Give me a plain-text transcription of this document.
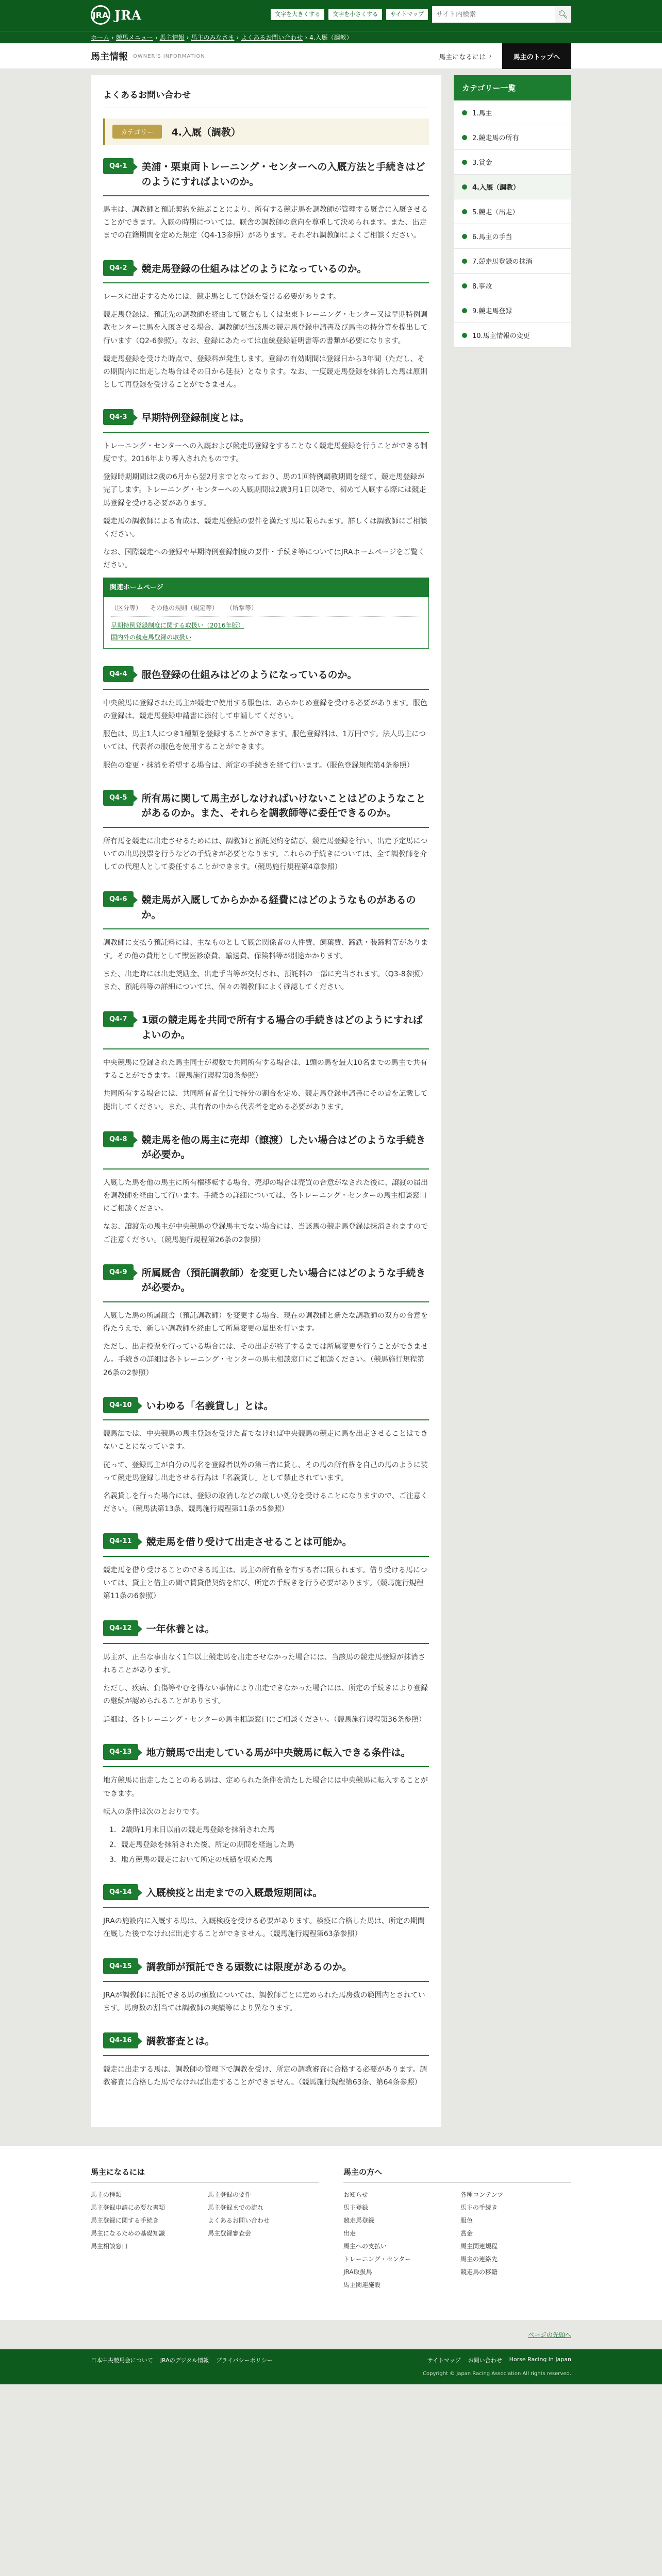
JRA JRA	文字を大きくする	文字を小さくする	サイトマップ
サイト内検索	🔍︎
ホーム › 競馬メニュー › 馬主情報 › 馬主のみなさま › よくあるお問い合わせ › 4.入厩（調教）
馬主情報 OWNER'S INFORMATION	馬主になるには ›	馬主のトップへ
よくあるお問い合わせ
カテゴリー	4.入厩（調教）
Q4-1	美浦・栗東両トレーニング・センターへの入厩方法と手続きはどのようにすればよいのか。

馬主は、調教師と預託契約を結ぶことにより、所有する競走馬を調教師が管理する厩舎に入厩させることができます。入厩の時期については、厩舎の調教師の意向を尊重して決められます。また、出走までの在籍期間を定めた規定（Q4-13参照）があります。それぞれ調教師によくご相談ください。

Q4-2	競走馬登録の仕組みはどのようになっているのか。

レースに出走するためには、競走馬として登録を受ける必要があります。

競走馬登録は、預託先の調教師を経由して厩舎もしくは栗東トレーニング・センター又は早期特例調教センターに馬を入厩させる場合、調教師が当該馬の競走馬登録申請書及び馬主の持分等を提出して行います（Q2-6参照）。なお、登録にあたっては血統登録証明書等の書類が必要になります。

競走馬登録を受けた時点で、登録料が発生します。登録の有効期間は登録日から3年間（ただし、その期間内に出走した場合はその日から延長）となります。なお、一度競走馬登録を抹消した馬は原則として再登録を受けることができません。

Q4-3	早期特例登録制度とは。

トレーニング・センターへの入厩および競走馬登録をすることなく競走馬登録を行うことができる制度です。2016年より導入されたものです。

登録時期期間は2歳の6月から翌2月までとなっており、馬の1回特例調教期間を経て、競走馬登録が完了します。トレーニング・センターへの入厩期間は2歳3月1日以降で、初めて入厩する際には競走馬登録を受ける必要があります。

競走馬の調教師による育成は、競走馬登録の要件を満たす馬に限られます。詳しくは調教師にご相談ください。

なお、国際競走への登録や早期特例登録制度の要件・手続き等についてはJRAホームページをご覧ください。

関連ホームページ
（区分等） その他の規則（規定等） （所掌等）
早期特例登録制度に関する取扱い（2016年版）
国内外の競走馬登録の取扱い
Q4-4	服色登録の仕組みはどのようになっているのか。

中央競馬に登録された馬主が競走で使用する服色は、あらかじめ登録を受ける必要があります。服色の登録は、競走馬登録申請書に添付して申請してください。

服色は、馬主1人につき1種類を登録することができます。服色登録料は、1万円です。法人馬主については、代表者の服色を使用することができます。

服色の変更・抹消を希望する場合は、所定の手続きを経て行います。（服色登録規程第4条参照）

Q4-5	所有馬に関して馬主がしなければいけないことはどのようなことがあるのか。また、それらを調教師等に委任できるのか。

所有馬を競走に出走させるためには、調教師と預託契約を結び、競走馬登録を行い、出走予定馬についての出馬投票を行うなどの手続きが必要となります。これらの手続きについては、全て調教師を介しての代理人として委任することができます。（競馬施行規程第4章参照）

Q4-6	競走馬が入厩してからかかる経費にはどのようなものがあるのか。

調教師に支払う預託料には、主なものとして厩舎関係者の人件費、飼葉費、蹄鉄・装蹄料等があります。その他の費用として獣医診療費、輸送費、保険料等が別途かかります。

また、出走時には出走奨励金、出走手当等が交付され、預託料の一部に充当されます。（Q3-8参照）また、預託料等の詳細については、個々の調教師によく確認してください。

Q4-7	1頭の競走馬を共同で所有する場合の手続きはどのようにすればよいのか。

中央競馬に登録された馬主同士が複数で共同所有する場合は、1頭の馬を最大10名までの馬主で共有することができます。（競馬施行規程第8条参照）

共同所有する場合には、共同所有者全員で持分の割合を定め、競走馬登録申請書にその旨を記載して提出してください。また、共有者の中から代表者を定める必要があります。

Q4-8	競走馬を他の馬主に売却（譲渡）したい場合はどのような手続きが必要か。

入厩した馬を他の馬主に所有権移転する場合、売却の場合は売買の合意がなされた後に、譲渡の届出を調教師を経由して行います。手続きの詳細については、各トレーニング・センターの馬主相談窓口にご相談ください。

なお、譲渡先の馬主が中央競馬の登録馬主でない場合には、当該馬の競走馬登録は抹消されますのでご注意ください。（競馬施行規程第26条の2参照）

Q4-9	所属厩舎（預託調教師）を変更したい場合にはどのような手続きが必要か。

入厩した馬の所属厩舎（預託調教師）を変更する場合、現在の調教師と新たな調教師の双方の合意を得たうえで、新しい調教師を経由して所属変更の届出を行います。

ただし、出走投票を行っている場合には、その出走が終了するまでは所属変更を行うことができません。手続きの詳細は各トレーニング・センターの馬主相談窓口にご相談ください。（競馬施行規程第26条の2参照）

Q4-10	いわゆる「名義貸し」とは。

競馬法では、中央競馬の馬主登録を受けた者でなければ中央競馬の競走に馬を出走させることはできないことになっています。

従って、登録馬主が自分の馬名を登録者以外の第三者に貸し、その馬の所有権を自己の馬のように装って競走馬登録し出走させる行為は「名義貸し」として禁止されています。

名義貸しを行った場合には、登録の取消しなどの厳しい処分を受けることになりますので、ご注意ください。（競馬法第13条、競馬施行規程第11条の5参照）

Q4-11	競走馬を借り受けて出走させることは可能か。

競走馬を借り受けることのできる馬主は、馬主の所有権を有する者に限られます。借り受ける馬については、貸主と借主の間で賃貸借契約を結び、所定の手続きを行う必要があります。（競馬施行規程第11条の6参照）

Q4-12	一年休養とは。

馬主が、正当な事由なく1年以上競走馬を出走させなかった場合には、当該馬の競走馬登録が抹消されることがあります。

ただし、疾病、負傷等やむを得ない事情により出走できなかった場合には、所定の手続きにより登録の継続が認められることがあります。

詳細は、各トレーニング・センターの馬主相談窓口にご相談ください。（競馬施行規程第36条参照）

Q4-13	地方競馬で出走している馬が中央競馬に転入できる条件は。

地方競馬に出走したことのある馬は、定められた条件を満たした場合には中央競馬に転入することができます。

転入の条件は次のとおりです。

1．2歳時1月末日以前の競走馬登録を抹消された馬
2．競走馬登録を抹消された後、所定の期間を経過した馬
3．地方競馬の競走において所定の成績を収めた馬
Q4-14	入厩検疫と出走までの入厩最短期間は。

JRAの施設内に入厩する馬は、入厩検疫を受ける必要があります。検疫に合格した馬は、所定の期間在厩した後でなければ出走することができません。（競馬施行規程第63条参照）

Q4-15	調教師が預託できる頭数には限度があるのか。

JRAが調教師に預託できる馬の頭数については、調教師ごとに定められた馬房数の範囲内とされています。馬房数の割当ては調教師の実績等により異なります。

Q4-16	調教審査とは。

競走に出走する馬は、調教師の管理下で調教を受け、所定の調教審査に合格する必要があります。調教審査に合格した馬でなければ出走することができません。（競馬施行規程第63条、第64条参照）

カテゴリー一覧
1.馬主
2.競走馬の所有
3.賞金
4.入厩（調教）
5.競走（出走）
6.馬主の手当
7.競走馬登録の抹消
8.事故
9.競走馬登録
10.馬主情報の変更
馬主になるには
馬主の種類	馬主登録の要件
馬主登録申請に必要な書類	馬主登録までの流れ
馬主登録に関する手続き	よくあるお問い合わせ
馬主になるための基礎知識	馬主登録審査会
馬主相談窓口
馬主の方へ
お知らせ	各種コンテンツ
馬主登録	馬主の手続き
競走馬登録	服色
出走	賞金
馬主への支払い	馬主関連規程
トレーニング・センター	馬主の連絡先
JRA取扱馬	競走馬の移籍
馬主関連施設
ページの先頭へ
日本中央競馬会について JRAのデジタル情報 プライバシーポリシー	サイトマップ お問い合わせ Horse Racing in Japan
Copyright © Japan Racing Association All rights reserved.
